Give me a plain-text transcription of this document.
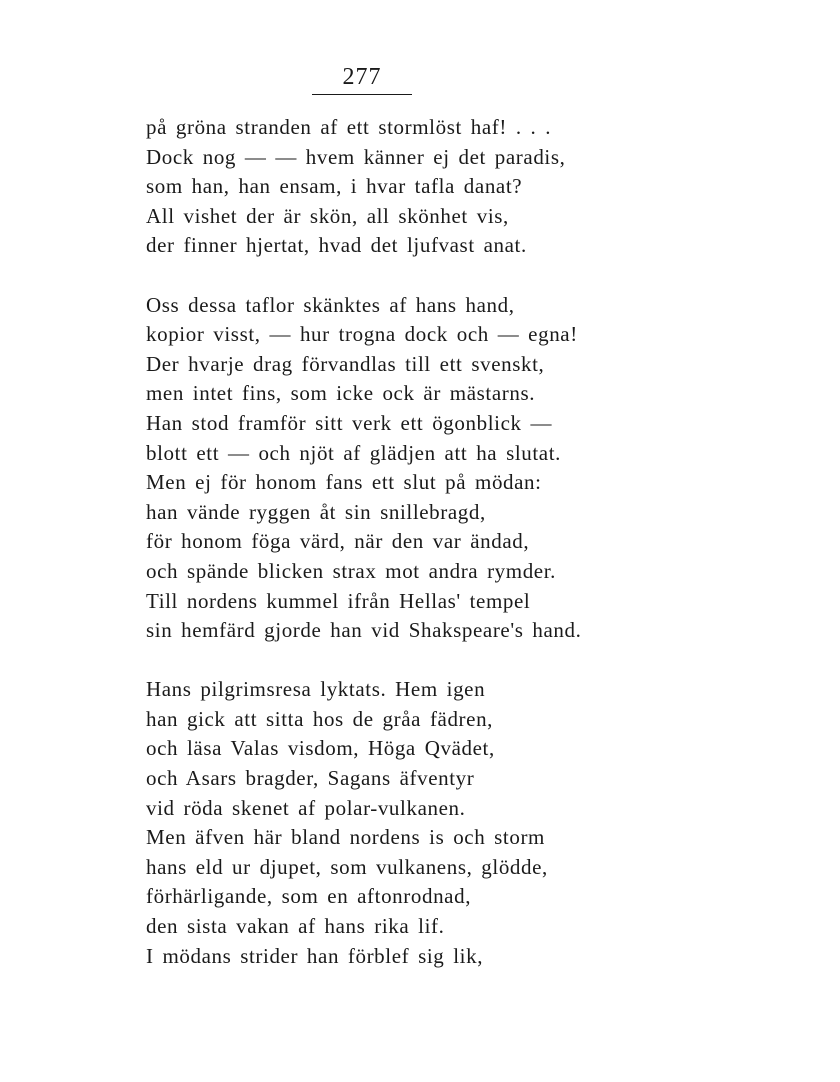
277
på gröna stranden af ett stormlöst haf! . . .
Dock nog — — hvem känner ej det paradis,
som han, han ensam, i hvar tafla danat?
All vishet der är skön, all skönhet vis,
der finner hjertat, hvad det ljufvast anat.
Oss dessa taflor skänktes af hans hand,
kopior visst, — hur trogna dock och — egna!
Der hvarje drag förvandlas till ett svenskt,
men intet fins, som icke ock är mästarns.
Han stod framför sitt verk ett ögonblick —
blott ett — och njöt af glädjen att ha slutat.
Men ej för honom fans ett slut på mödan:
han vände ryggen åt sin snillebragd,
för honom föga värd, när den var ändad,
och spände blicken strax mot andra rymder.
Till nordens kummel ifrån Hellas' tempel
sin hemfärd gjorde han vid Shakspeare's hand.
Hans pilgrimsresa lyktats. Hem igen
han gick att sitta hos de gråa fädren,
och läsa Valas visdom, Höga Qvädet,
och Asars bragder, Sagans äfventyr
vid röda skenet af polar-vulkanen.
Men äfven här bland nordens is och storm
hans eld ur djupet, som vulkanens, glödde,
förhärligande, som en aftonrodnad,
den sista vakan af hans rika lif.
I mödans strider han förblef sig lik,
